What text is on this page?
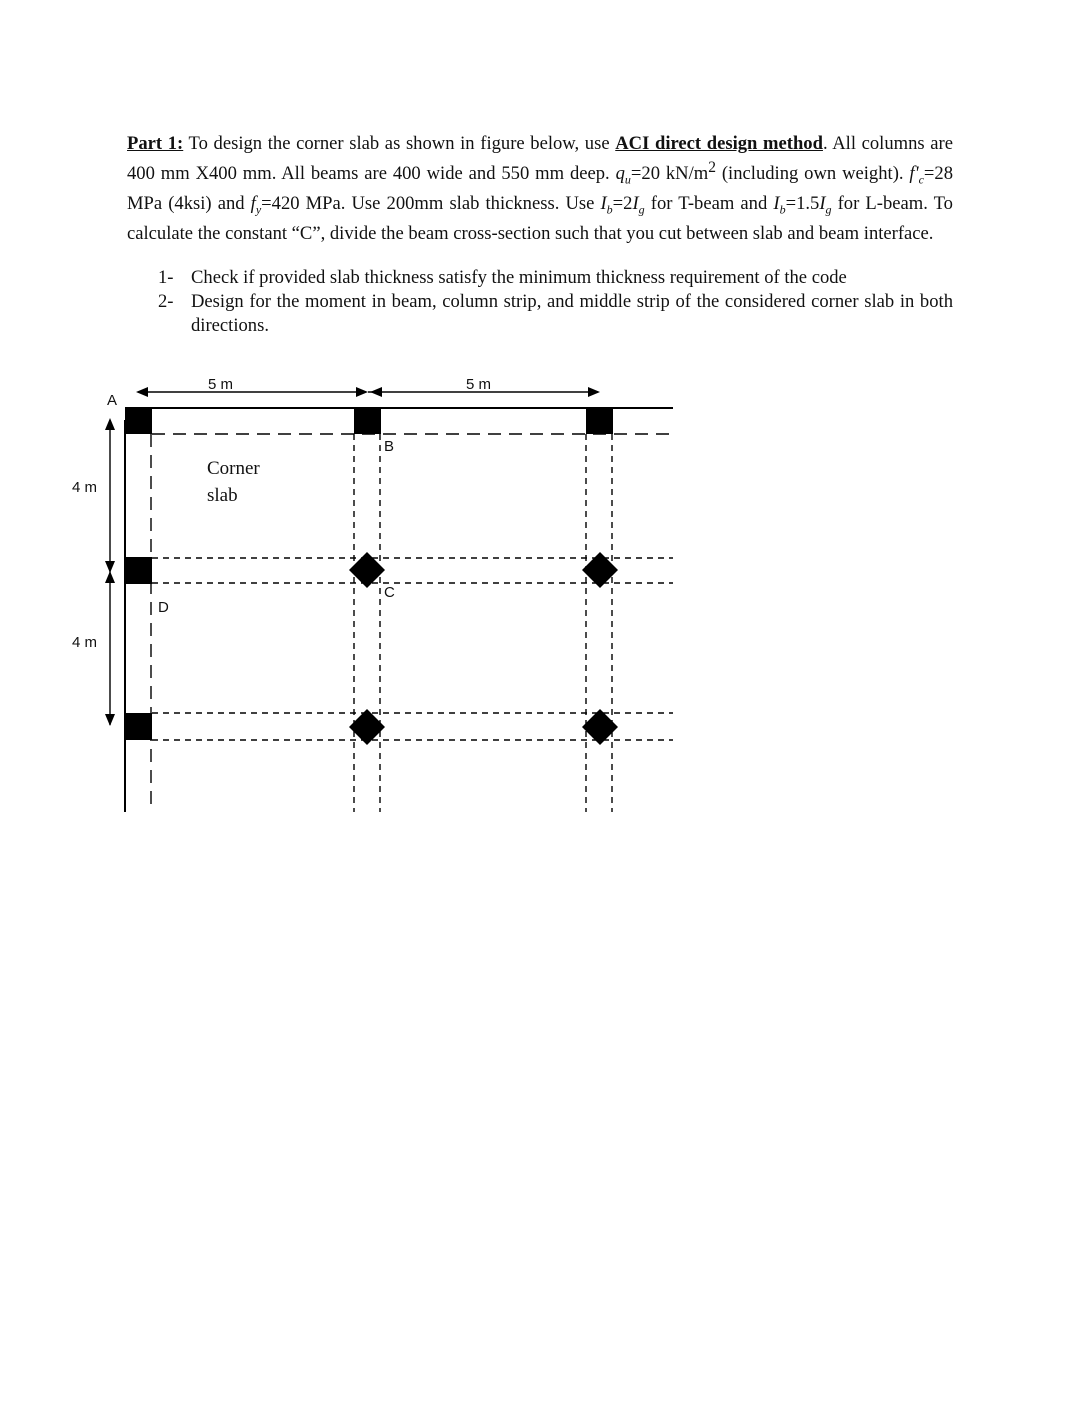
Part 1: To design the corner slab as shown in figure below, use ACI direct design method. All columns are 400 mm X400 mm. All beams are 400 wide and 550 mm deep. $q_u=20$ $kN/m^2$ (including own weight). $f'_c=28$ MPa (4ksi) and $f_y=420$ MPa. Use 200mm slab thickness. Use $I_b=2I_g$ for T-beam and $I_b=1.5I_g$ for L-beam. To calculate the constant “C”, divide the beam cross-section such that you cut between slab and beam interface.

1- Check if provided slab thickness satisfy the minimum thickness requirement of the code
2- Design for the moment in beam, column strip, and middle strip of the considered corner slab in both directions.
5 m	5 m
4 m
4 m
A
B
C
D
Corner
slab
